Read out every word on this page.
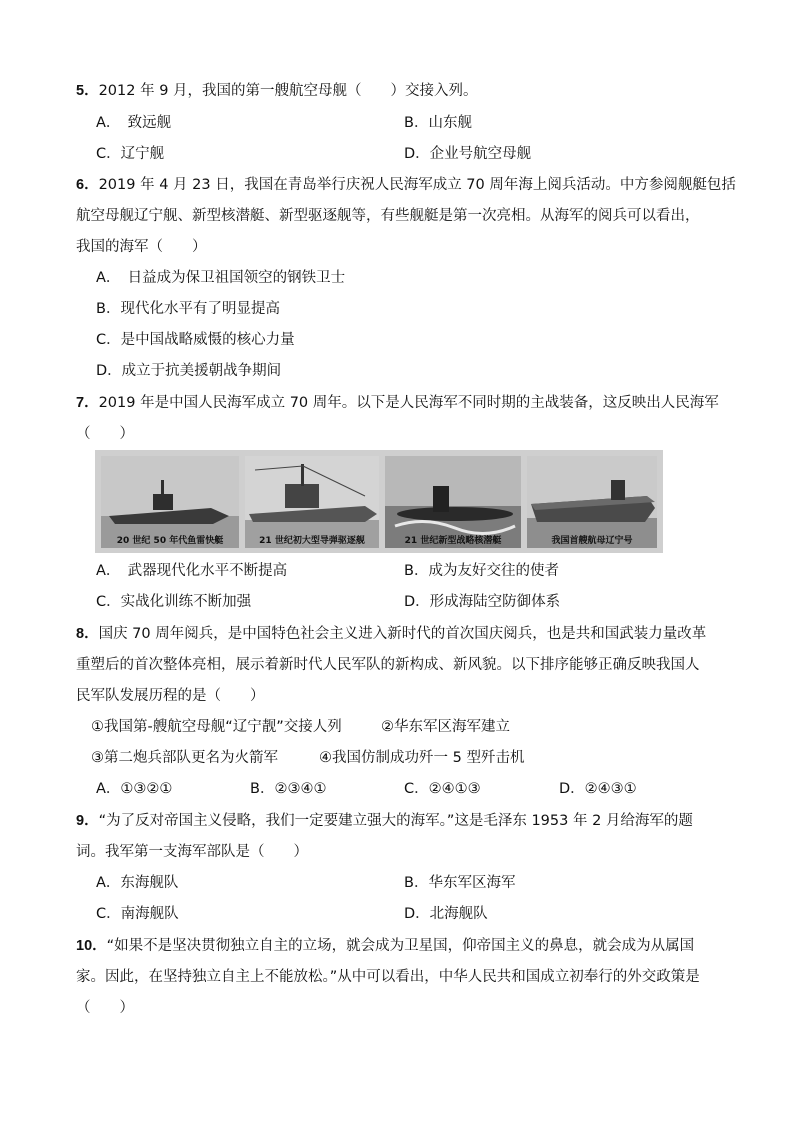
5．2012 年 9 月，我国的第一艘航空母舰（　　）交接入列。
A．　致远舰	B．山东舰
C．辽宁舰	D．企业号航空母舰
6．2019 年 4 月 23 日，我国在青岛举行庆祝人民海军成立 70 周年海上阅兵活动。中方参阅舰艇包括
航空母舰辽宁舰、新型核潜艇、新型驱逐舰等，有些舰艇是第一次亮相。从海军的阅兵可以看出，
我国的海军（　　）
A．　日益成为保卫祖国领空的钢铁卫士
B．现代化水平有了明显提高
C．是中国战略威慑的核心力量
D．成立于抗美援朝战争期间
7．2019 年是中国人民海军成立 70 周年。以下是人民海军不同时期的主战装备，这反映出人民海军
（　　）
20 世纪 50 年代鱼雷快艇	21 世纪初大型导弹驱逐舰	21 世纪新型战略核潜艇	我国首艘航母辽宁号
A．　武器现代化水平不断提高	B．成为友好交往的使者
C．实战化训练不断加强	D．形成海陆空防御体系
8．国庆 70 周年阅兵，是中国特色社会主义进入新时代的首次国庆阅兵，也是共和国武装力量改革
重塑后的首次整体亮相，展示着新时代人民军队的新构成、新风貌。以下排序能够正确反映我国人
民军队发展历程的是（　　）
①我国第-艘航空母舰“辽宁靓”交接人列	②华东军区海军建立
③第二炮兵部队更名为火箭军	④我国仿制成功歼一 5 型歼击机
A．①③②①	B．②③④①	C．②④①③	D．②④③①
9．“为了反对帝国主义侵略，我们一定要建立强大的海军。”这是毛泽东 1953 年 2 月给海军的题
词。我军第一支海军部队是（　　）
A．东海舰队	B．华东军区海军
C．南海舰队	D．北海舰队
10．“如果不是坚决贯彻独立自主的立场，就会成为卫星国，仰帝国主义的鼻息，就会成为从属国
家。因此，在坚持独立自主上不能放松。”从中可以看出，中华人民共和国成立初奉行的外交政策是
（　　）
